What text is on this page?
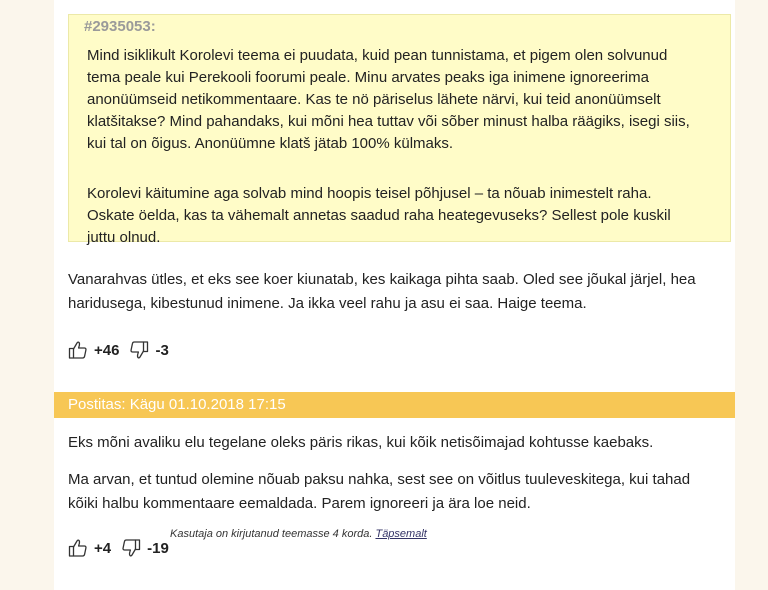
#2935053:

Mind isiklikult Korolevi teema ei puudata, kuid pean tunnistama, et pigem olen solvunud tema peale kui Perekooli foorumi peale. Minu arvates peaks iga inimene ignoreerima anonüümseid netikommentaare. Kas te nö päriselus lähete närvi, kui teid anonüümselt klatšitakse? Mind pahandaks, kui mõni hea tuttav või sõber minust halba räägiks, isegi siis, kui tal on õigus. Anonüümne klatš jätab 100% külmaks.

Korolevi käitumine aga solvab mind hoopis teisel põhjusel – ta nõuab inimestelt raha.

Oskate öelda, kas ta vähemalt annetas saadud raha heategevuseks? Sellest pole kuskil juttu olnud.

Vanarahvas ütles, et eks see koer kiunatab, kes kaikaga pihta saab. Oled see jõukal järjel, hea haridusega, kibestunud inimene. Ja ikka veel rahu ja asu ei saa. Haige teema.

+46 -3
Postitas: Kägu 01.10.2018 17:15

Eks mõni avaliku elu tegelane oleks päris rikas, kui kõik netisõimajad kohtusse kaebaks.

Ma arvan, et tuntud olemine nõuab paksu nahka, sest see on võitlus tuuleveskitega, kui tahad kõiki halbu kommentaare eemaldada. Parem ignoreeri ja ära loe neid.

Kasutaja on kirjutanud teemasse 4 korda. Täpsemalt
+4 -19
